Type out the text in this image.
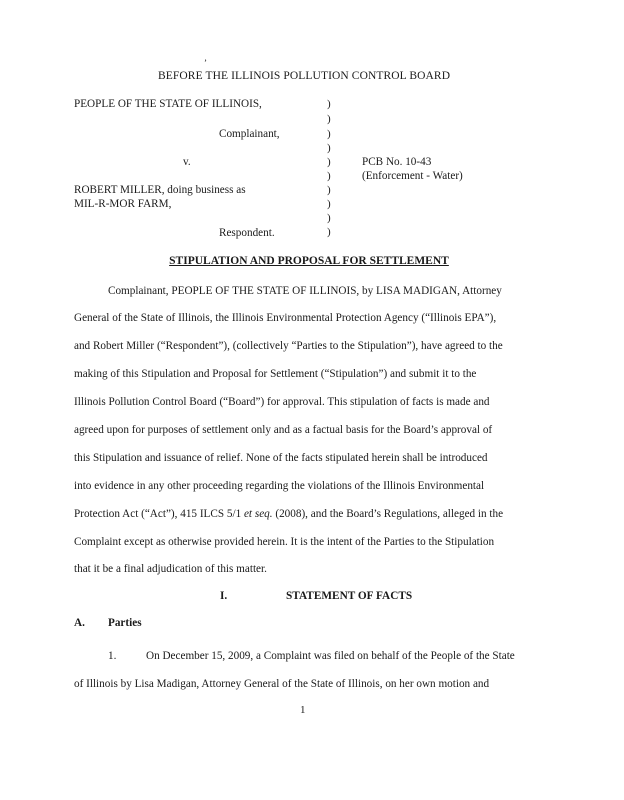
’
BEFORE THE ILLINOIS POLLUTION CONTROL BOARD
PEOPLE OF THE STATE OF ILLINOIS,
Complainant,
v.
ROBERT MILLER, doing business as
MIL-R-MOR FARM,
Respondent.
)
)
)
)
)
)
)
)
)
)
PCB No. 10-43
(Enforcement - Water)
STIPULATION AND PROPOSAL FOR SETTLEMENT
Complainant, PEOPLE OF THE STATE OF ILLINOIS, by LISA MADIGAN, Attorney
General of the State of Illinois, the Illinois Environmental Protection Agency (“Illinois EPA”),
and Robert Miller (“Respondent”), (collectively “Parties to the Stipulation”), have agreed to the
making of this Stipulation and Proposal for Settlement (“Stipulation”) and submit it to the
Illinois Pollution Control Board (“Board”) for approval. This stipulation of facts is made and
agreed upon for purposes of settlement only and as a factual basis for the Board’s approval of
this Stipulation and issuance of relief. None of the facts stipulated herein shall be introduced
into evidence in any other proceeding regarding the violations of the Illinois Environmental
Protection Act (“Act”), 415 ILCS 5/1 et seq. (2008), and the Board’s Regulations, alleged in the
Complaint except as otherwise provided herein. It is the intent of the Parties to the Stipulation
that it be a final adjudication of this matter.
I.	STATEMENT OF FACTS
A. Parties
1.	On December 15, 2009, a Complaint was filed on behalf of the People of the State
of Illinois by Lisa Madigan, Attorney General of the State of Illinois, on her own motion and
1
